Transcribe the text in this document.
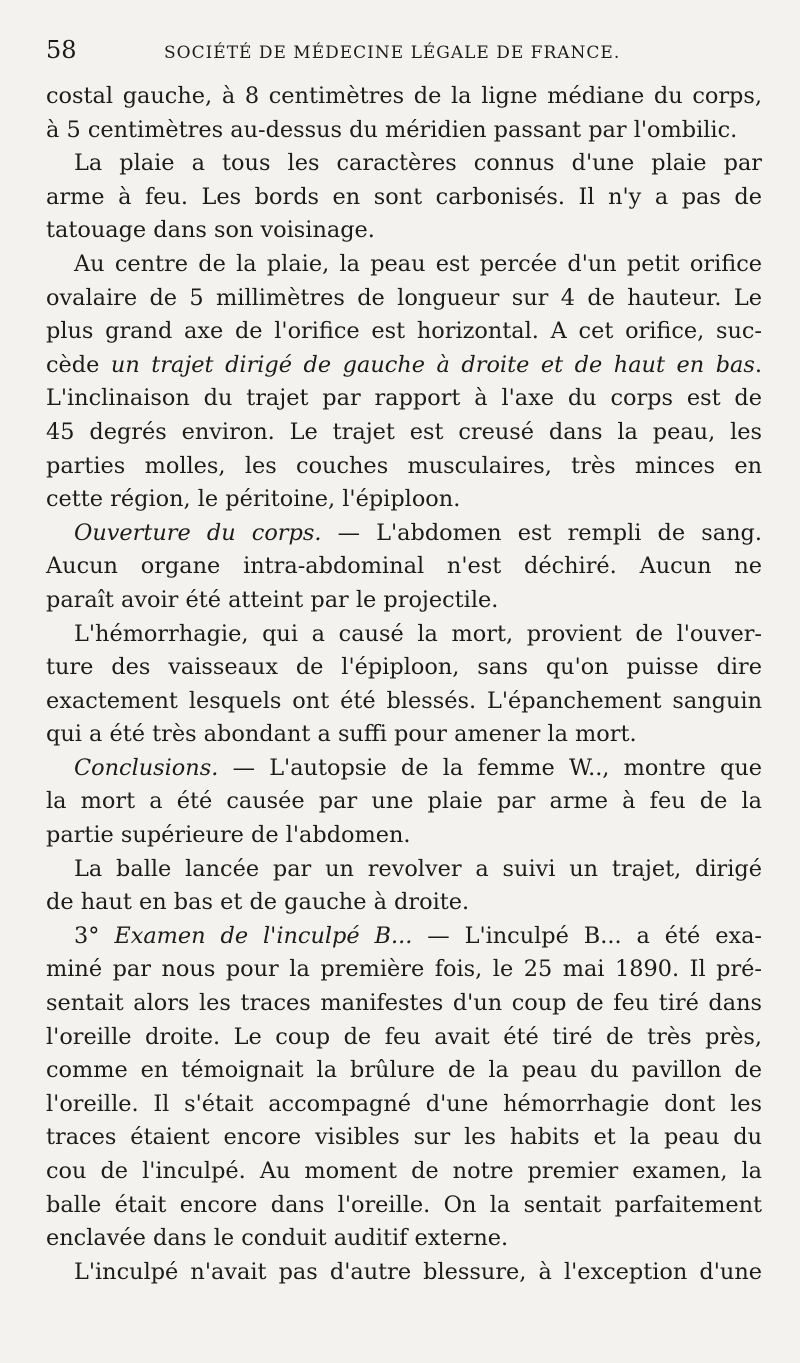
58	SOCIÉTÉ DE MÉDECINE LÉGALE DE FRANCE.
costal gauche, à 8 centimètres de la ligne médiane du corps,
à 5 centimètres au-dessus du méridien passant par l'ombilic.
La plaie a tous les caractères connus d'une plaie par
arme à feu. Les bords en sont carbonisés. Il n'y a pas de
tatouage dans son voisinage.
Au centre de la plaie, la peau est percée d'un petit orifice
ovalaire de 5 millimètres de longueur sur 4 de hauteur. Le
plus grand axe de l'orifice est horizontal. A cet orifice, suc-
cède un trajet dirigé de gauche à droite et de haut en bas.
L'inclinaison du trajet par rapport à l'axe du corps est de
45 degrés environ. Le trajet est creusé dans la peau, les
parties molles, les couches musculaires, très minces en
cette région, le péritoine, l'épiploon.
Ouverture du corps. — L'abdomen est rempli de sang.
Aucun organe intra-abdominal n'est déchiré. Aucun ne
paraît avoir été atteint par le projectile.
L'hémorrhagie, qui a causé la mort, provient de l'ouver-
ture des vaisseaux de l'épiploon, sans qu'on puisse dire
exactement lesquels ont été blessés. L'épanchement sanguin
qui a été très abondant a suffi pour amener la mort.
Conclusions. — L'autopsie de la femme W.., montre que
la mort a été causée par une plaie par arme à feu de la
partie supérieure de l'abdomen.
La balle lancée par un revolver a suivi un trajet, dirigé
de haut en bas et de gauche à droite.
3° Examen de l'inculpé B... — L'inculpé B... a été exa-
miné par nous pour la première fois, le 25 mai 1890. Il pré-
sentait alors les traces manifestes d'un coup de feu tiré dans
l'oreille droite. Le coup de feu avait été tiré de très près,
comme en témoignait la brûlure de la peau du pavillon de
l'oreille. Il s'était accompagné d'une hémorrhagie dont les
traces étaient encore visibles sur les habits et la peau du
cou de l'inculpé. Au moment de notre premier examen, la
balle était encore dans l'oreille. On la sentait parfaitement
enclavée dans le conduit auditif externe.
L'inculpé n'avait pas d'autre blessure, à l'exception d'une
